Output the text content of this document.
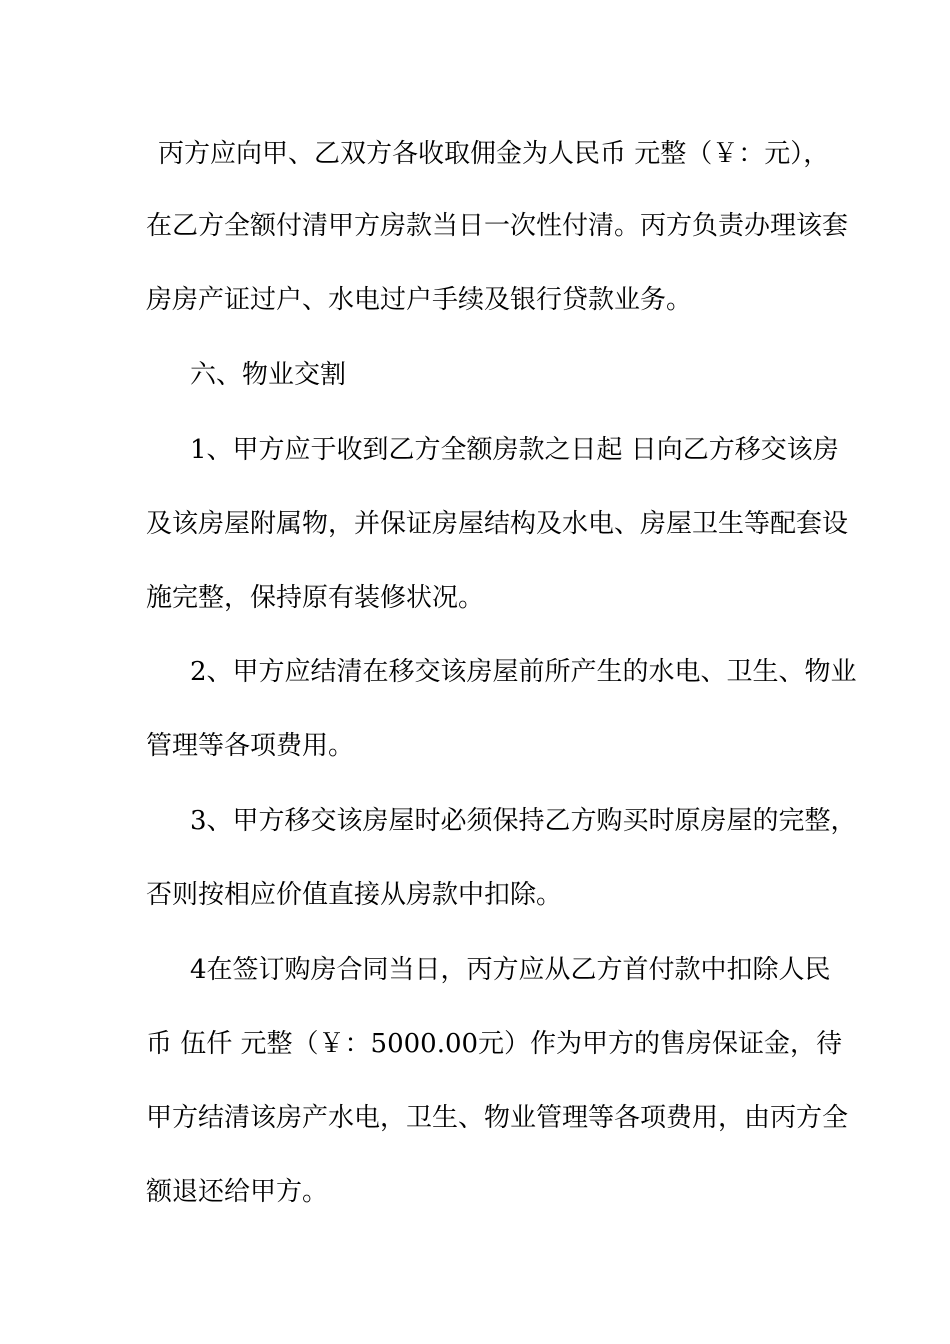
丙方应向甲、乙双方各收取佣金为人民币 元整（￥：元），
在乙方全额付清甲方房款当日一次性付清。丙方负责办理该套
房房产证过户、水电过户手续及银行贷款业务。
六、物业交割
1、甲方应于收到乙方全额房款之日起 日向乙方移交该房
及该房屋附属物，并保证房屋结构及水电、房屋卫生等配套设
施完整，保持原有装修状况。
2、甲方应结清在移交该房屋前所产生的水电、卫生、物业
管理等各项费用。
3、甲方移交该房屋时必须保持乙方购买时原房屋的完整，
否则按相应价值直接从房款中扣除。
4在签订购房合同当日，丙方应从乙方首付款中扣除人民
币 伍仟 元整（￥：5000.00元）作为甲方的售房保证金，待
甲方结清该房产水电，卫生、物业管理等各项费用，由丙方全
额退还给甲方。
